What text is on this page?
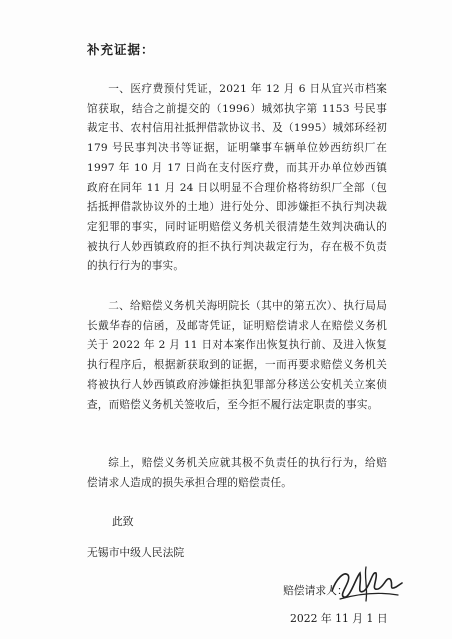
补充证据：

一、医疗费预付凭证，2021 年 12 月 6 日从宜兴市档案馆获取，结合之前提交的（1996）城郊执字第 1153 号民事裁定书、农村信用社抵押借款协议书、及（1995）城郊环经初 179 号民事判决书等证据，证明肇事车辆单位妙西纺织厂在 1997 年 10 月 17 日尚在支付医疗费，而其开办单位妙西镇政府在同年 11 月 24 日以明显不合理价格将纺织厂全部（包括抵押借款协议外的土地）进行处分、即涉嫌拒不执行判决裁定犯罪的事实，同时证明赔偿义务机关很清楚生效判决确认的被执行人妙西镇政府的拒不执行判决裁定行为，存在极不负责的执行行为的事实。

二、给赔偿义务机关海明院长（其中的第五次）、执行局局长戴华春的信函，及邮寄凭证，证明赔偿请求人在赔偿义务机关于 2022 年 2 月 11 日对本案作出恢复执行前、及进入恢复执行程序后，根据新获取到的证据，一而再要求赔偿义务机关将被执行人妙西镇政府涉嫌拒执犯罪部分移送公安机关立案侦查，而赔偿义务机关签收后，至今拒不履行法定职责的事实。

综上，赔偿义务机关应就其极不负责任的执行行为，给赔偿请求人造成的损失承担合理的赔偿责任。

此致
无锡市中级人民法院
赔偿请求人：
2022 年 11 月 1 日
